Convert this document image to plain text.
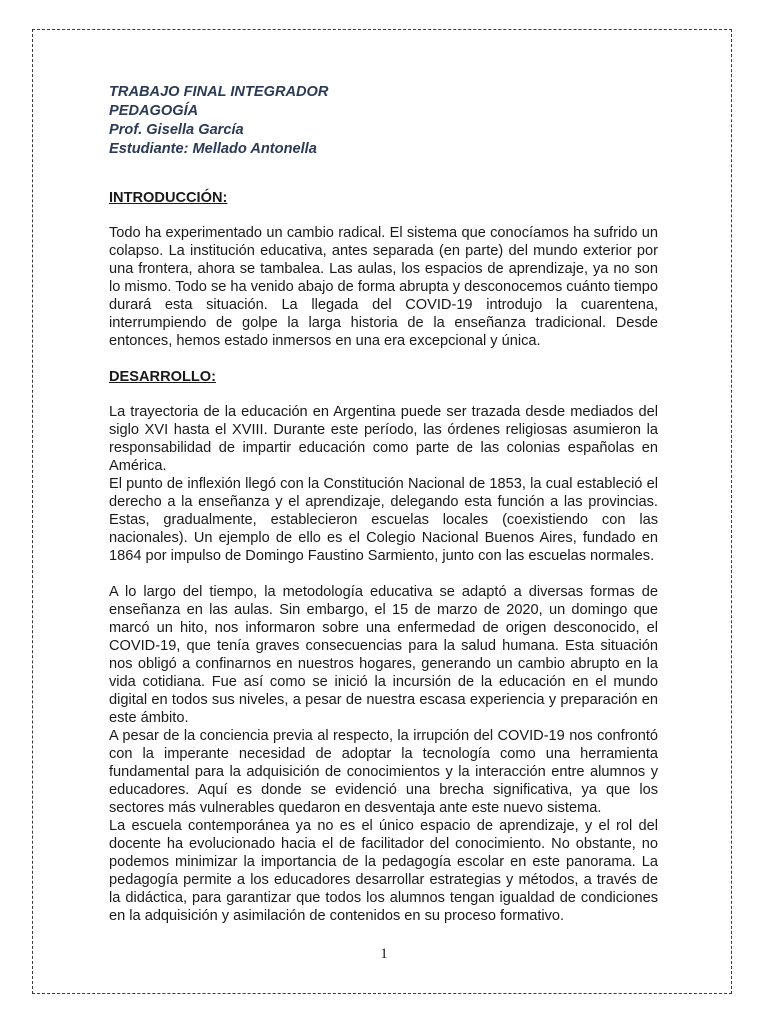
TRABAJO FINAL INTEGRADOR
PEDAGOGÍA
Prof. Gisella García
Estudiante: Mellado Antonella

INTRODUCCIÓN:

Todo ha experimentado un cambio radical. El sistema que conocíamos ha sufrido un colapso. La institución educativa, antes separada (en parte) del mundo exterior por una frontera, ahora se tambalea. Las aulas, los espacios de aprendizaje, ya no son lo mismo. Todo se ha venido abajo de forma abrupta y desconocemos cuánto tiempo durará esta situación. La llegada del COVID-19 introdujo la cuarentena, interrumpiendo de golpe la larga historia de la enseñanza tradicional. Desde entonces, hemos estado inmersos en una era excepcional y única.

DESARROLLO:

La trayectoria de la educación en Argentina puede ser trazada desde mediados del siglo XVI hasta el XVIII. Durante este período, las órdenes religiosas asumieron la responsabilidad de impartir educación como parte de las colonias españolas en América.

El punto de inflexión llegó con la Constitución Nacional de 1853, la cual estableció el derecho a la enseñanza y el aprendizaje, delegando esta función a las provincias. Estas, gradualmente, establecieron escuelas locales (coexistiendo con las nacionales). Un ejemplo de ello es el Colegio Nacional Buenos Aires, fundado en 1864 por impulso de Domingo Faustino Sarmiento, junto con las escuelas normales.

A lo largo del tiempo, la metodología educativa se adaptó a diversas formas de enseñanza en las aulas. Sin embargo, el 15 de marzo de 2020, un domingo que marcó un hito, nos informaron sobre una enfermedad de origen desconocido, el COVID-19, que tenía graves consecuencias para la salud humana. Esta situación nos obligó a confinarnos en nuestros hogares, generando un cambio abrupto en la vida cotidiana. Fue así como se inició la incursión de la educación en el mundo digital en todos sus niveles, a pesar de nuestra escasa experiencia y preparación en este ámbito.

A pesar de la conciencia previa al respecto, la irrupción del COVID-19 nos confrontó con la imperante necesidad de adoptar la tecnología como una herramienta fundamental para la adquisición de conocimientos y la interacción entre alumnos y educadores. Aquí es donde se evidenció una brecha significativa, ya que los sectores más vulnerables quedaron en desventaja ante este nuevo sistema.

La escuela contemporánea ya no es el único espacio de aprendizaje, y el rol del docente ha evolucionado hacia el de facilitador del conocimiento. No obstante, no podemos minimizar la importancia de la pedagogía escolar en este panorama. La pedagogía permite a los educadores desarrollar estrategias y métodos, a través de la didáctica, para garantizar que todos los alumnos tengan igualdad de condiciones en la adquisición y asimilación de contenidos en su proceso formativo.

1
